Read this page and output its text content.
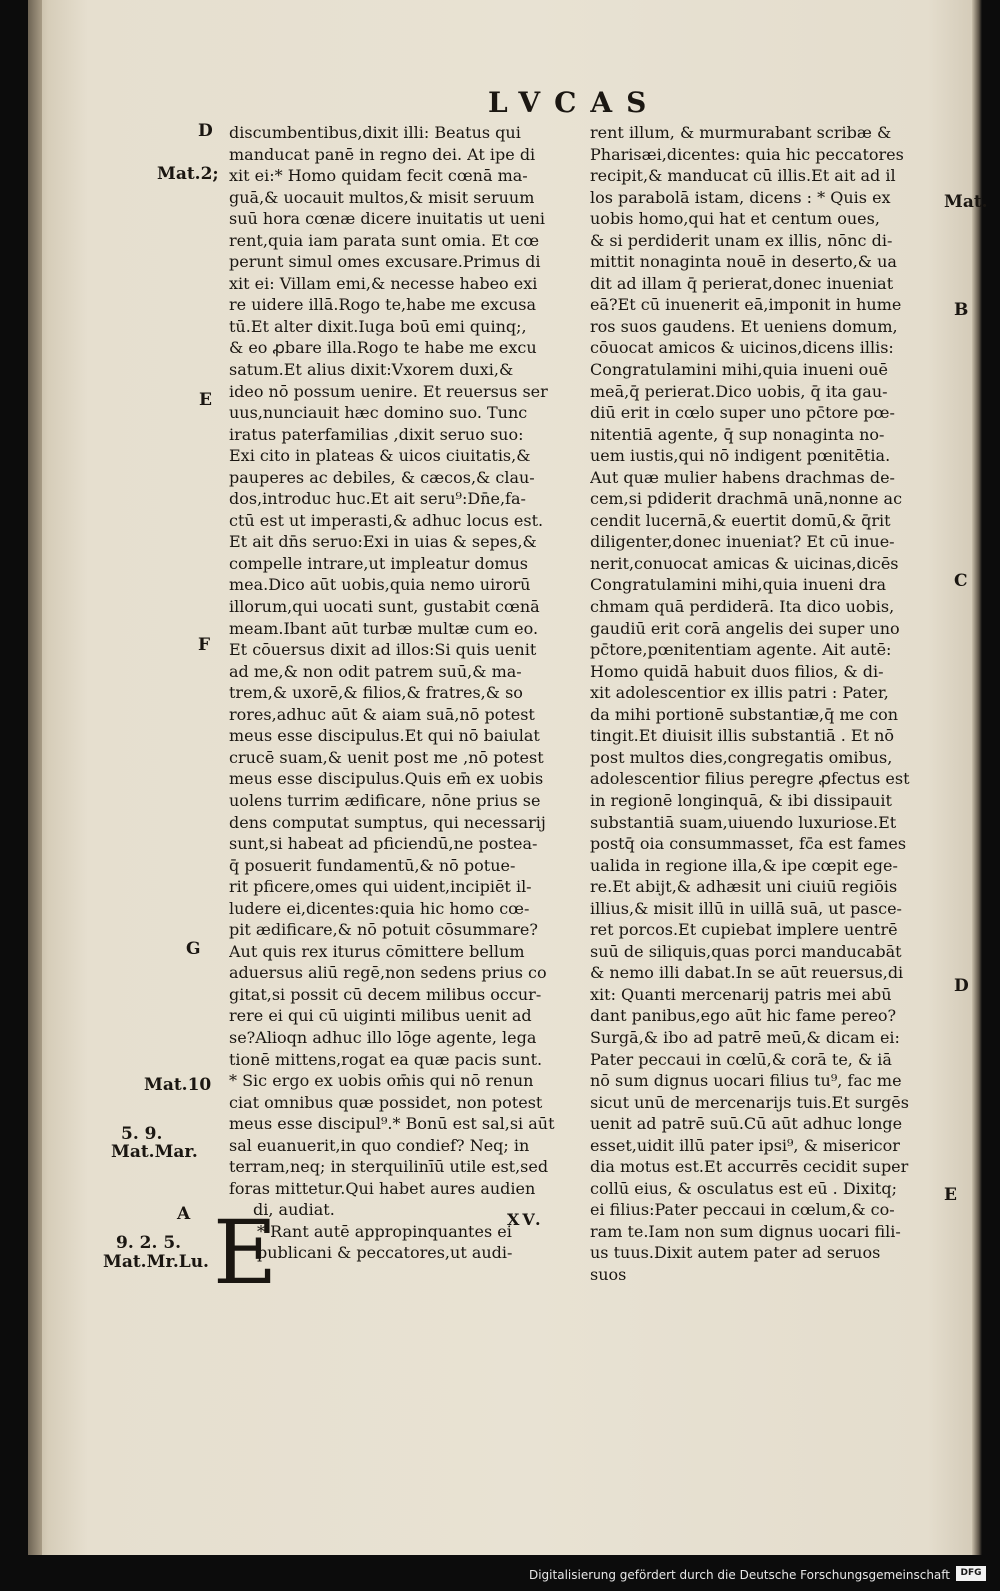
LVCAS
discumbentibus,dixit illi: Beatus qui
manducat panē in regno dei. At ipe di
xit ei:* Homo quidam fecit cœnā ma-
guā,& uocauit multos,& misit seruum
suū hora cœnæ dicere inuitatis ut ueni
rent,quia iam parata sunt omia. Et cœ
perunt simul omes excusare.Primus di
xit ei: Villam emi,& necesse habeo exi
re uidere illā.Rogo te,habe me excusa
tū.Et alter dixit.Iuga boū emi quinq;,
& eo ꝓbare illa.Rogo te habe me excu
satum.Et alius dixit:Vxorem duxi,&
ideo nō possum uenire. Et reuersus ser
uus,nunciauit hæc domino suo. Tunc
iratus paterfamilias ,dixit seruo suo:
Exi cito in plateas & uicos ciuitatis,&
pauperes ac debiles, & cæcos,& clau-
dos,introduc huc.Et ait seru⁹:Dn̄e,fa-
ctū est ut imperasti,& adhuc locus est.
Et ait dn̄s seruo:Exi in uias & sepes,&
compelle intrare,ut impleatur domus
mea.Dico aūt uobis,quia nemo uirorū
illorum,qui uocati sunt, gustabit cœnā
meam.Ibant aūt turbæ multæ cum eo.
Et cōuersus dixit ad illos:Si quis uenit
ad me,& non odit patrem suū,& ma-
trem,& uxorē,& filios,& fratres,& so
rores,adhuc aūt & aiam suā,nō potest
meus esse discipulus.Et qui nō baiulat
crucē suam,& uenit post me ,nō potest
meus esse discipulus.Quis em̄ ex uobis
uolens turrim ædificare, nōne prius se
dens computat sumptus, qui necessarij
sunt,si habeat ad pficiendū,ne postea-
q̄ posuerit fundamentū,& nō potue-
rit pficere,omes qui uident,incipiēt il-
ludere ei,dicentes:quia hic homo cœ-
pit ædificare,& nō potuit cōsummare?
Aut quis rex iturus cōmittere bellum
aduersus aliū regē,non sedens prius co
gitat,si possit cū decem milibus occur-
rere ei qui cū uiginti milibus uenit ad
se?Alioqn adhuc illo lōge agente, lega
tionē mittens,rogat ea quæ pacis sunt.
* Sic ergo ex uobis om̄is qui nō renun
ciat omnibus quæ possidet, non potest
meus esse discipul⁹.* Bonū est sal,si aūt
sal euanuerit,in quo condief? Neq; in
terram,neq; in sterquilinīū utile est,sed
foras mittetur.Qui habet aures audien
di, audiat.
* Rant autē appropinquantes ei
publicani & peccatores,ut audi-
rent illum, & murmurabant scribæ &
Pharisæi,dicentes: quia hic peccatores
recipit,& manducat cū illis.Et ait ad il
los parabolā istam, dicens : * Quis ex
uobis homo,qui hat et centum oues,
& si perdiderit unam ex illis, nōnc di-
mittit nonaginta nouē in deserto,& ua
dit ad illam q̄ perierat,donec inueniat
eā?Et cū inuenerit eā,imponit in hume
ros suos gaudens. Et ueniens domum,
cōuocat amicos & uicinos,dicens illis:
Congratulamini mihi,quia inueni ouē
meā,q̄ perierat.Dico uobis, q̄ ita gau-
diū erit in cœlo super uno pc̄tore pœ-
nitentiā agente, q̄ sup nonaginta no-
uem iustis,qui nō indigent pœnitētia.
Aut quæ mulier habens drachmas de-
cem,si pdiderit drachmā unā,nonne ac
cendit lucernā,& euertit domū,& q̄rit
diligenter,donec inueniat? Et cū inue-
nerit,conuocat amicas & uicinas,dicēs
Congratulamini mihi,quia inueni dra
chmam quā perdiderā. Ita dico uobis,
gaudiū erit corā angelis dei super uno
pc̄tore,pœnitentiam agente. Ait autē:
Homo quidā habuit duos filios, & di-
xit adolescentior ex illis patri : Pater,
da mihi portionē substantiæ,q̄ me con
tingit.Et diuisit illis substantiā . Et nō
post multos dies,congregatis omibus,
adolescentior filius peregre ꝓfectus est
in regionē longinquā, & ibi dissipauit
substantiā suam,uiuendo luxuriose.Et
postq̄ oia consummasset, fc̄a est fames
ualida in regione illa,& ipe cœpit ege-
re.Et abijt,& adhæsit uni ciuiū regiōis
illius,& misit illū in uillā suā, ut pasce-
ret porcos.Et cupiebat implere uentrē
suū de siliquis,quas porci manducabāt
& nemo illi dabat.In se aūt reuersus,di
xit: Quanti mercenarij patris mei abū
dant panibus,ego aūt hic fame pereo?
Surgā,& ibo ad patrē meū,& dicam ei:
Pater peccaui in cœlū,& corā te, & iā
nō sum dignus uocari filius tu⁹, fac me
sicut unū de mercenarijs tuis.Et surgēs
uenit ad patrē suū.Cū aūt adhuc longe
esset,uidit illū pater ipsi⁹, & misericor
dia motus est.Et accurrēs cecidit super
collū eius, & osculatus est eū . Dixitq;
ei filius:Pater peccaui in cœlum,& co-
ram te.Iam non sum dignus uocari fili-
us tuus.Dixit autem pater ad seruos
suos
E	XV.
D
Mat.2;
E
F
G
Mat.10
5. 9.
Mat.Mar.
A
9. 2. 5.
Mat.Mr.Lu.
Mat.
B
C
D
E
Digitalisierung gefördert durch die Deutsche Forschungsgemeinschaft	DFG
